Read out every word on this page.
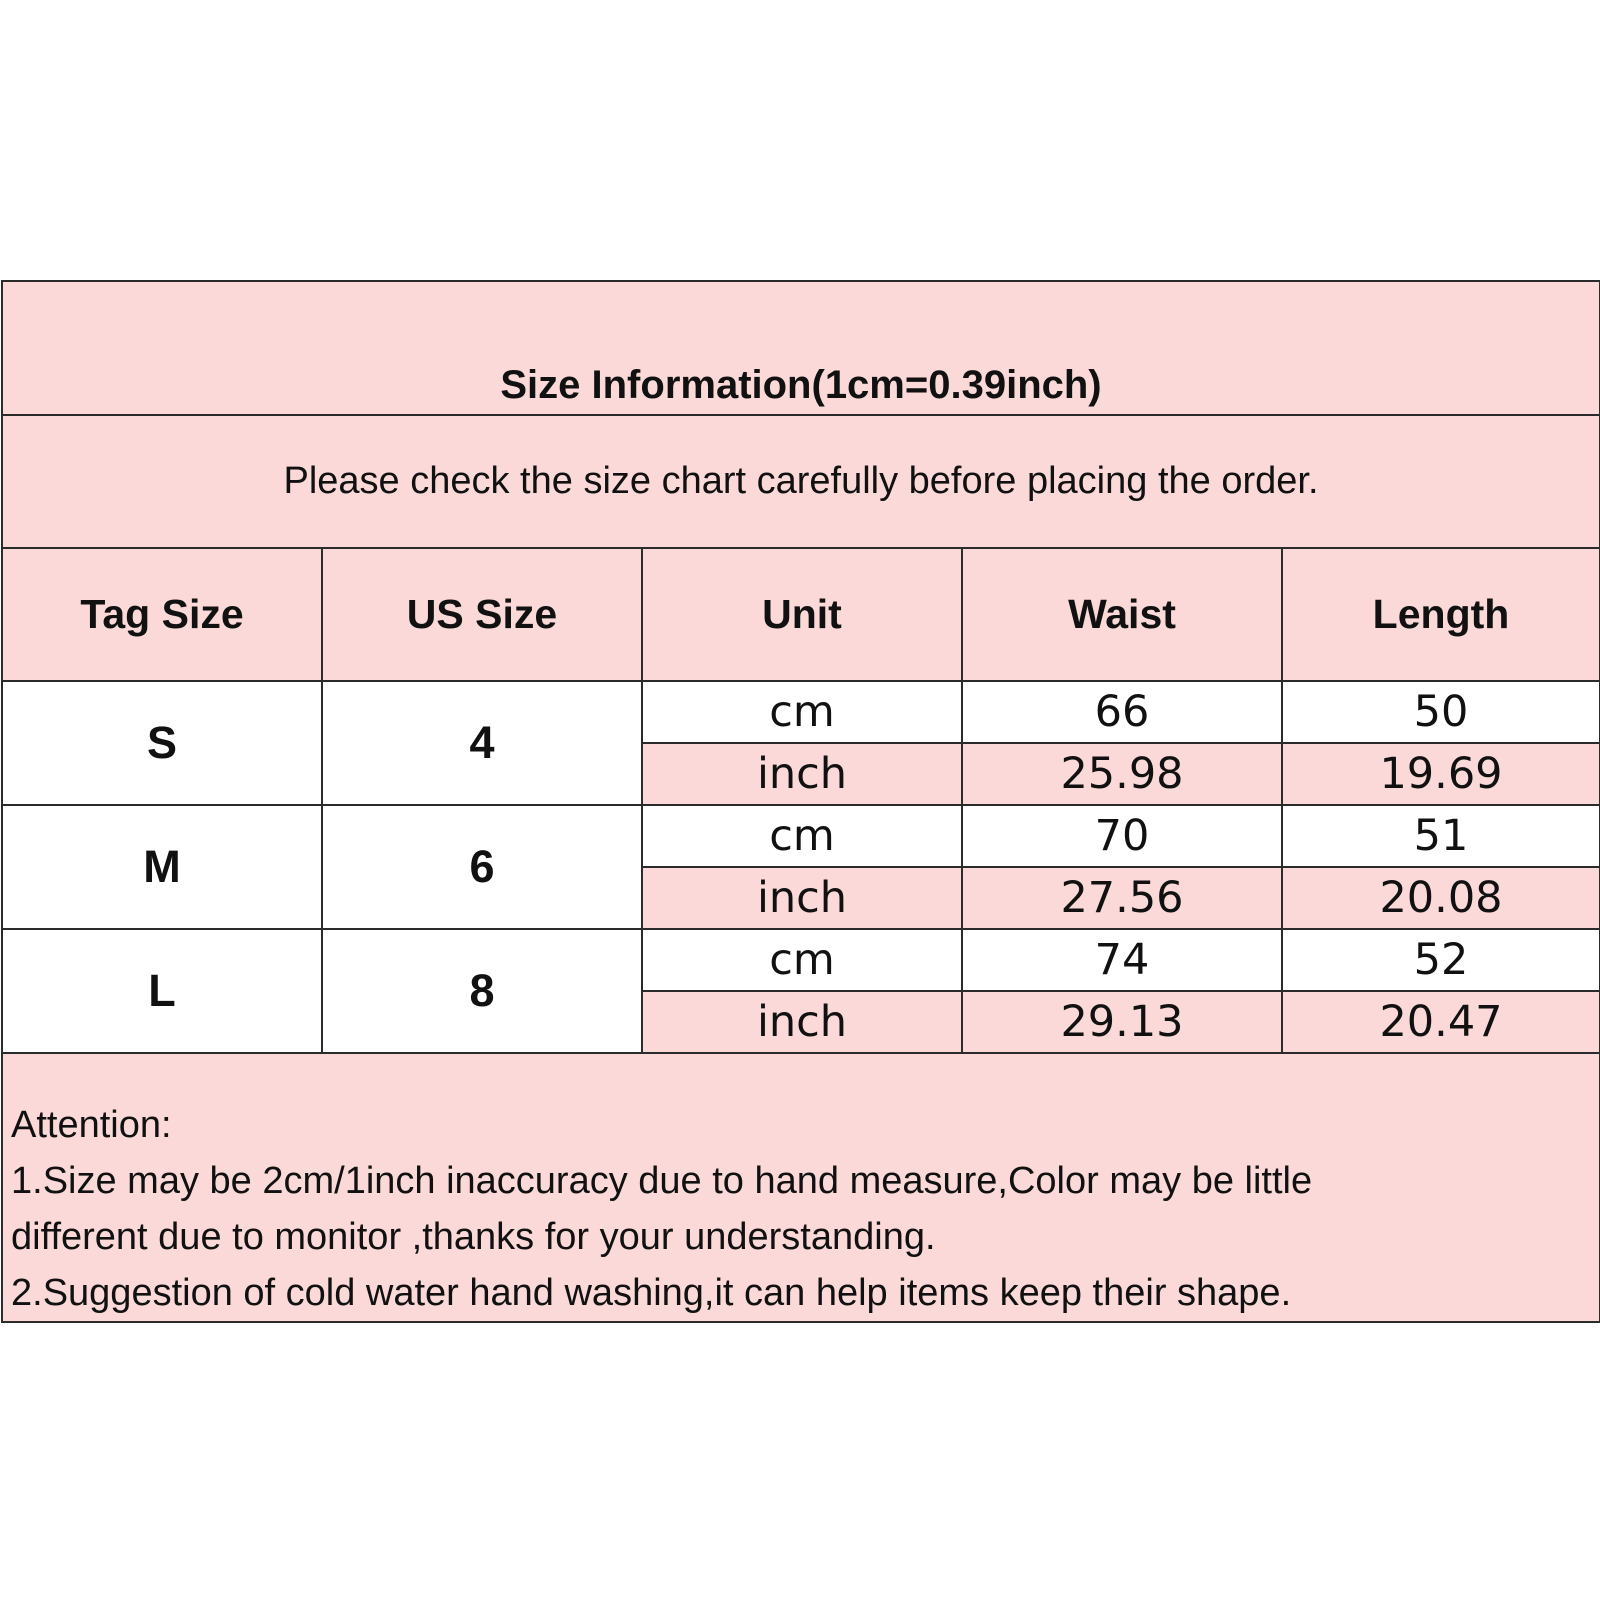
Size Information(1cm=0.39inch)				

Please check the size chart carefully before placing the order.				
Tag Size	US Size	Unit	Waist	Length
S	4	cm	66	50
		inch	25.98	19.69
M	6	cm	70	51
		inch	27.56	20.08
L	8	cm	74	52
		inch	29.13	20.47

Attention:
1.Size may be 2cm/1inch inaccuracy due to hand measure,Color may be little
different due to monitor ,thanks for your understanding.
2.Suggestion of cold water hand washing,it can help items keep their shape.				
